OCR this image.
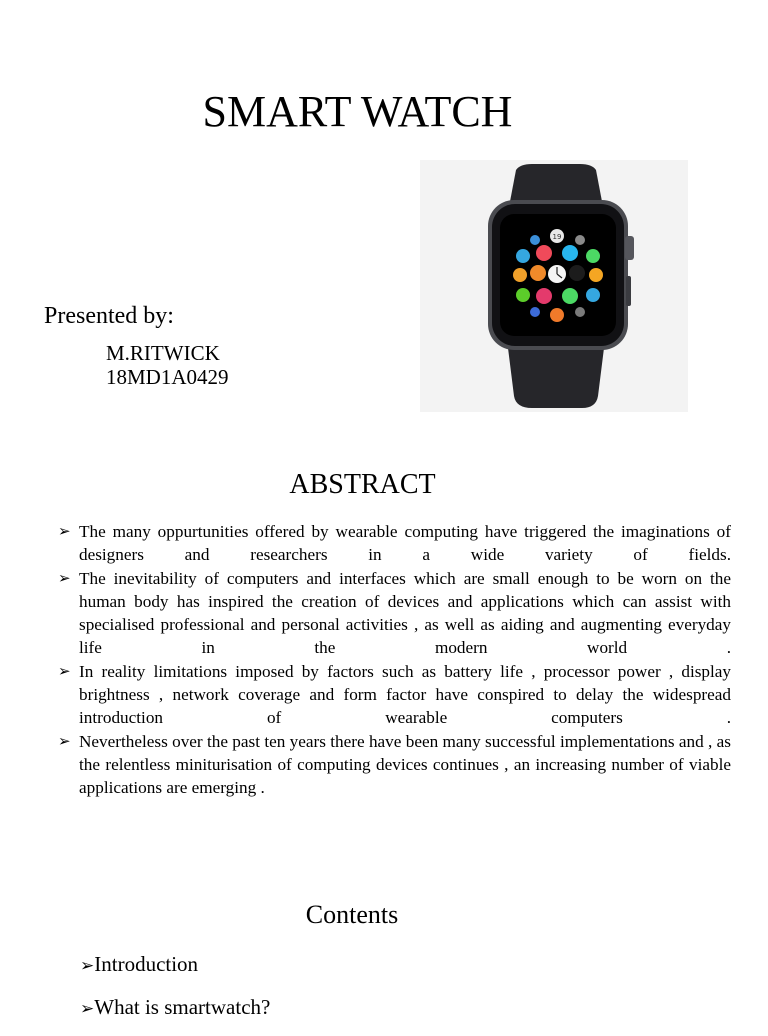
SMART WATCH
Presented by:
M.RITWICK
18MD1A0429
19
ABSTRACT
➢ The many oppurtunities offered by wearable computing have triggered the imaginations of designers and researchers in a wide variety of fields.
➢ The inevitability of computers and interfaces which are small enough to be worn on the human body has inspired the creation of devices and applications which can assist with specialised professional and personal activities , as well as aiding and augmenting everyday life in the modern world .
➢ In reality limitations imposed by factors such as battery life , processor power , display brightness , network coverage and form factor have conspired to delay the widespread introduction of wearable computers .
➢ Nevertheless over the past ten years there have been many successful implementations and , as the relentless miniturisation of computing devices continues , an increasing number of viable applications are emerging .
Contents
➢Introduction
➢What is smartwatch?
